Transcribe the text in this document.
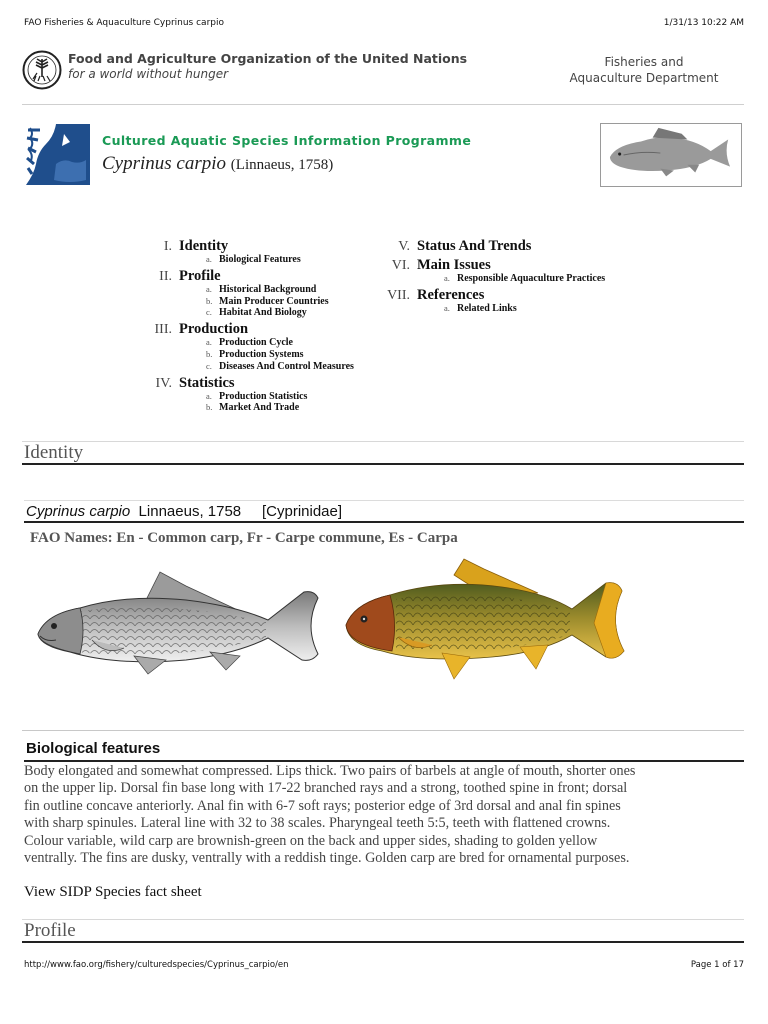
FAO Fisheries & Aquaculture Cyprinus carpio	1/31/13 10:22 AM
Food and Agriculture Organization of the United Nations
for a world without hunger
Fisheries and
Aquaculture Department
Cultured Aquatic Species Information Programme
Cyprinus carpio (Linnaeus, 1758)
I. Identity
a. Biological Features
II. Profile
a. Historical Background
b. Main Producer Countries
c. Habitat And Biology
III. Production
a. Production Cycle
b. Production Systems
c. Diseases And Control Measures
IV. Statistics
a. Production Statistics
b. Market And Trade
V. Status And Trends
VI. Main Issues
a. Responsible Aquaculture Practices
VII. References
a. Related Links
Identity
Cyprinus carpio  Linnaeus, 1758     [Cyprinidae]
FAO Names: En - Common carp, Fr - Carpe commune, Es - Carpa
Biological features

Body elongated and somewhat compressed. Lips thick. Two pairs of barbels at angle of mouth, shorter ones

on the upper lip. Dorsal fin base long with 17-22 branched rays and a strong, toothed spine in front; dorsal

fin outline concave anteriorly. Anal fin with 6-7 soft rays; posterior edge of 3rd dorsal and anal fin spines

with sharp spinules. Lateral line with 32 to 38 scales. Pharyngeal teeth 5:5, teeth with flattened crowns.

Colour variable, wild carp are brownish-green on the back and upper sides, shading to golden yellow

ventrally. The fins are dusky, ventrally with a reddish tinge. Golden carp are bred for ornamental purposes.

View SIDP Species fact sheet
Profile
http://www.fao.org/fishery/culturedspecies/Cyprinus_carpio/en	Page 1 of 17
